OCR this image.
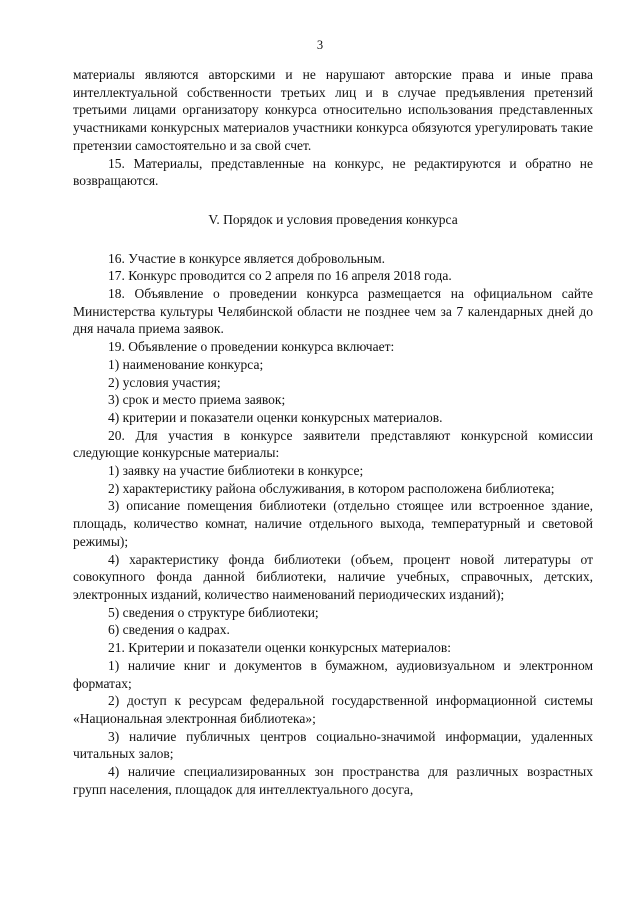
3

материалы являются авторскими и не нарушают авторские права и иные права интеллектуальной собственности третьих лиц и в случае предъявления претензий третьими лицами организатору конкурса относительно использования представленных участниками конкурсных материалов участники конкурса обязуются урегулировать такие претензии самостоятельно и за свой счет.

15. Материалы, представленные на конкурс, не редактируются и обратно не возвращаются.

V. Порядок и условия проведения конкурса

16. Участие в конкурсе является добровольным.

17. Конкурс проводится со 2 апреля по 16 апреля 2018 года.

18. Объявление о проведении конкурса размещается на официальном сайте Министерства культуры Челябинской области не позднее чем за 7 календарных дней до дня начала приема заявок.

19. Объявление о проведении конкурса включает:

1) наименование конкурса;

2) условия участия;

3) срок и место приема заявок;

4) критерии и показатели оценки конкурсных материалов.

20. Для участия в конкурсе заявители представляют конкурсной комиссии следующие конкурсные материалы:

1) заявку на участие библиотеки в конкурсе;

2) характеристику района обслуживания, в котором расположена библиотека;

3) описание помещения библиотеки (отдельно стоящее или встроенное здание, площадь, количество комнат, наличие отдельного выхода, температурный и световой режимы);

4) характеристику фонда библиотеки (объем, процент новой литературы от совокупного фонда данной библиотеки, наличие учебных, справочных, детских, электронных изданий, количество наименований периодических изданий);

5) сведения о структуре библиотеки;

6) сведения о кадрах.

21. Критерии и показатели оценки конкурсных материалов:

1) наличие книг и документов в бумажном, аудиовизуальном и электронном форматах;

2) доступ к ресурсам федеральной государственной информационной системы «Национальная электронная библиотека»;

3) наличие публичных центров социально-значимой информации, удаленных читальных залов;

4) наличие специализированных зон пространства для различных возрастных групп населения, площадок для интеллектуального досуга,
